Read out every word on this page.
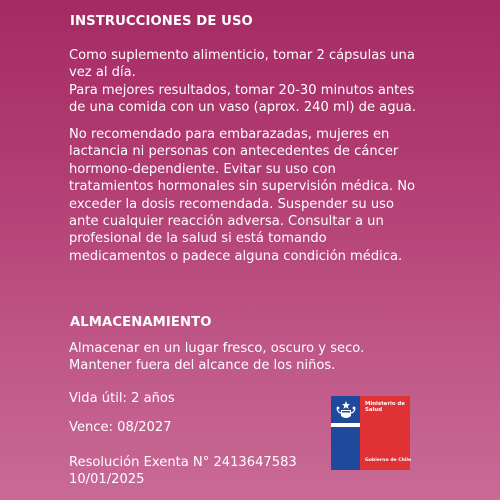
INSTRUCCIONES DE USO
Como suplemento alimenticio, tomar 2 cápsulas una
vez al día.
Para mejores resultados, tomar 20-30 minutos antes
de una comida con un vaso (aprox. 240 ml) de agua.
No recomendado para embarazadas, mujeres en
lactancia ni personas con antecedentes de cáncer
hormono-dependiente. Evitar su uso con
tratamientos hormonales sin supervisión médica. No
exceder la dosis recomendada. Suspender su uso
ante cualquier reacción adversa. Consultar a un
profesional de la salud si está tomando
medicamentos o padece alguna condición médica.
ALMACENAMIENTO
Almacenar en un lugar fresco, oscuro y seco.
Mantener fuera del alcance de los niños.
Vida útil: 2 años
Vence: 08/2027
Resolución Exenta N° 2413647583
10/01/2025
Ministerio de
Salud
Gobierno de Chile
